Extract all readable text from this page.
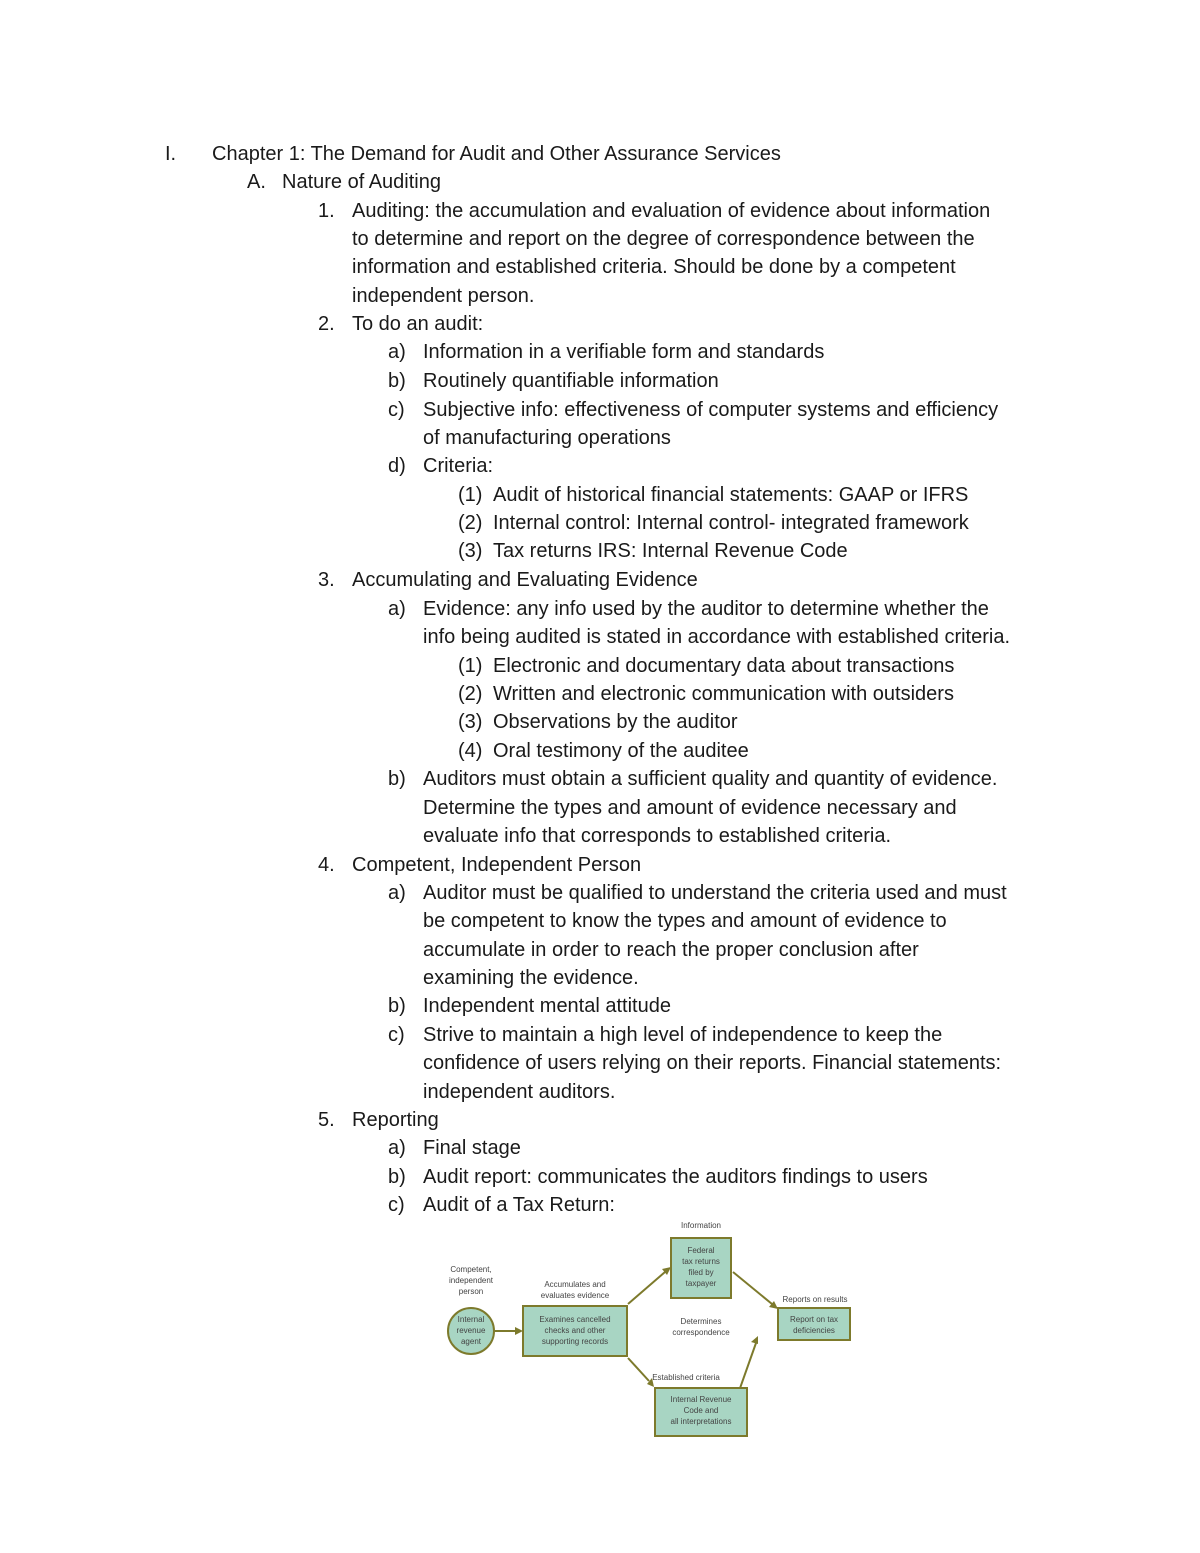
I. Chapter 1: The Demand for Audit and Other Assurance Services
A. Nature of Auditing
1. Auditing: the accumulation and evaluation of evidence about information
to determine and report on the degree of correspondence between the
information and established criteria. Should be done by a competent
independent person.
2. To do an audit:
a) Information in a verifiable form and standards
b) Routinely quantifiable information
c) Subjective info: effectiveness of computer systems and efficiency
of manufacturing operations
d) Criteria:
(1) Audit of historical financial statements: GAAP or IFRS
(2) Internal control: Internal control- integrated framework
(3) Tax returns IRS: Internal Revenue Code
3. Accumulating and Evaluating Evidence
a) Evidence: any info used by the auditor to determine whether the
info being audited is stated in accordance with established criteria.
(1) Electronic and documentary data about transactions
(2) Written and electronic communication with outsiders
(3) Observations by the auditor
(4) Oral testimony of the auditee
b) Auditors must obtain a sufficient quality and quantity of evidence.
Determine the types and amount of evidence necessary and
evaluate info that corresponds to established criteria.
4. Competent, Independent Person
a) Auditor must be qualified to understand the criteria used and must
be competent to know the types and amount of evidence to
accumulate in order to reach the proper conclusion after
examining the evidence.
b) Independent mental attitude
c) Strive to maintain a high level of independence to keep the
confidence of users relying on their reports. Financial statements:
independent auditors.
5. Reporting
a) Final stage
b) Audit report: communicates the auditors findings to users
c) Audit of a Tax Return:
Competent,
independent
person
Internal
revenue
agent
Accumulates and
evaluates evidence
Examines cancelled
checks and other
supporting records
Information
Federal
tax returns
filed by
taxpayer
Determines
correspondence
Established criteria
Internal Revenue
Code and
all interpretations
Reports on results
Report on tax
deficiencies
